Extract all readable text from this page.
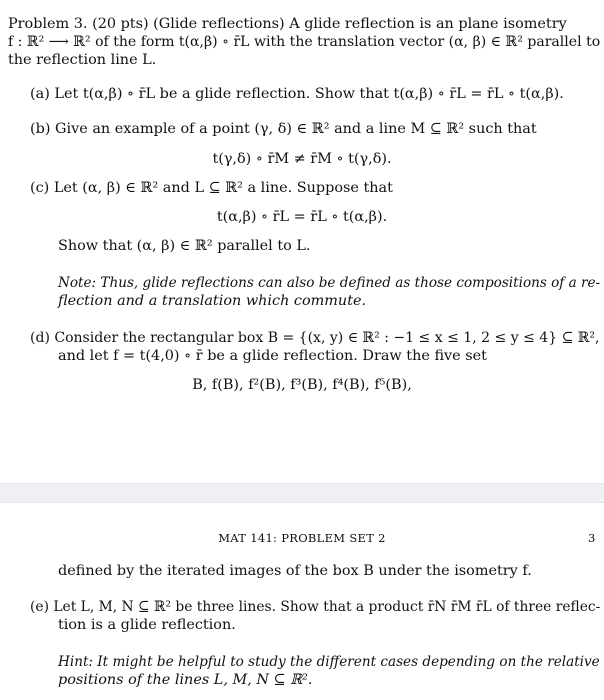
Problem 3. (20 pts) (Glide reflections) A glide reflection is an plane isometry
f : ℝ² ⟶ ℝ² of the form t(α,β) ∘ r̄L with the translation vector (α, β) ∈ ℝ² parallel to
the reflection line L.
(a) Let t(α,β) ∘ r̄L be a glide reflection. Show that t(α,β) ∘ r̄L = r̄L ∘ t(α,β).
(b) Give an example of a point (γ, δ) ∈ ℝ² and a line M ⊆ ℝ² such that
t(γ,δ) ∘ r̄M ≠ r̄M ∘ t(γ,δ).
(c) Let (α, β) ∈ ℝ² and L ⊆ ℝ² a line. Suppose that
t(α,β) ∘ r̄L = r̄L ∘ t(α,β).
Show that (α, β) ∈ ℝ² parallel to L.
Note: Thus, glide reflections can also be defined as those compositions of a re-
flection and a translation which commute.
(d) Consider the rectangular box B = {(x, y) ∈ ℝ² : −1 ≤ x ≤ 1, 2 ≤ y ≤ 4} ⊆ ℝ²,
and let f = t(4,0) ∘ r̄ be a glide reflection. Draw the five set
B, f(B), f²(B), f³(B), f⁴(B), f⁵(B),
MAT 141: PROBLEM SET 2	3
defined by the iterated images of the box B under the isometry f.
(e) Let L, M, N ⊆ ℝ² be three lines. Show that a product r̄N r̄M r̄L of three reflec-
tion is a glide reflection.
Hint: It might be helpful to study the different cases depending on the relative
positions of the lines L, M, N ⊆ ℝ².
